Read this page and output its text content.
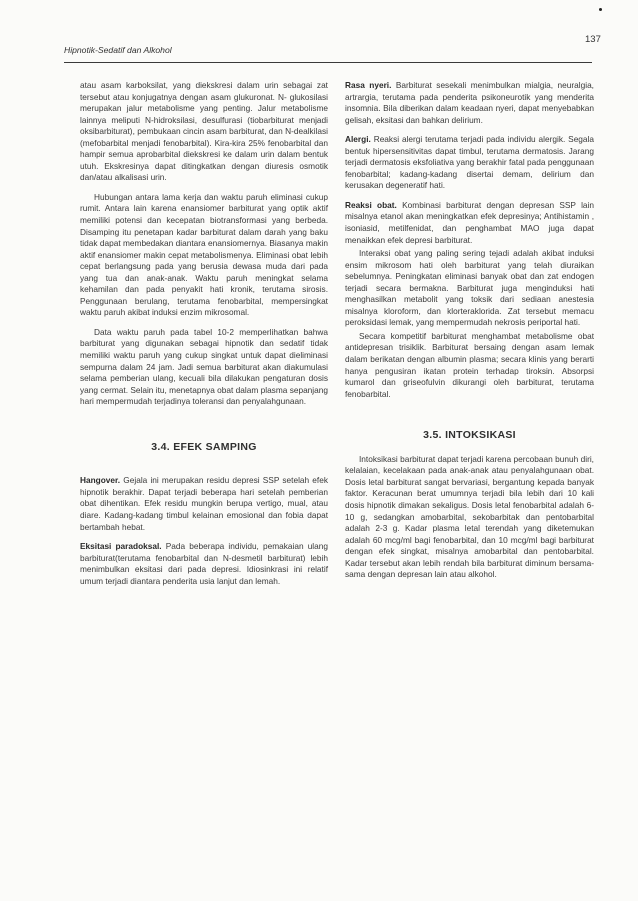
Hipnotik-Sedatif dan Alkohol
137

atau asam karboksilat, yang diekskresi dalam urin sebagai zat tersebut atau konjugatnya dengan asam glukuronat. N- glukosilasi merupakan jalur metabolisme yang penting. Jalur metabolisme lainnya meliputi N-hidroksilasi, desulfurasi (tiobarbiturat menjadi oksibarbiturat), pembukaan cincin asam barbiturat, dan N-dealkilasi (mefobarbital menjadi fenobarbital). Kira-kira 25% fenobarbital dan hampir semua aprobarbital diekskresi ke dalam urin dalam bentuk utuh. Ekskresinya dapat ditingkatkan dengan diuresis osmotik dan/atau alkalisasi urin.

Hubungan antara lama kerja dan waktu paruh eliminasi cukup rumit. Antara lain karena enansiomer barbiturat yang optik aktif memiliki potensi dan kecepatan biotransformasi yang berbeda. Disamping itu penetapan kadar barbiturat dalam darah yang baku tidak dapat membedakan diantara enansiomernya. Biasanya makin aktif enansiomer makin cepat metabolismenya. Eliminasi obat lebih cepat berlangsung pada yang berusia dewasa muda dari pada yang tua dan anak-anak. Waktu paruh meningkat selama kehamilan dan pada penyakit hati kronik, terutama sirosis. Penggunaan berulang, terutama fenobarbital, mempersingkat waktu paruh akibat induksi enzim mikrosomal.

Data waktu paruh pada tabel 10-2 memperlihatkan bahwa barbiturat yang digunakan sebagai hipnotik dan sedatif tidak memiliki waktu paruh yang cukup singkat untuk dapat dieliminasi sempurna dalam 24 jam. Jadi semua barbiturat akan diakumulasi selama pemberian ulang, kecuali bila dilakukan pengaturan dosis yang cermat. Selain itu, menetapnya obat dalam plasma sepanjang hari mempermudah terjadinya toleransi dan penyalahgunaan.

3.4. EFEK SAMPING

Hangover. Gejala ini merupakan residu depresi SSP setelah efek hipnotik berakhir. Dapat terjadi beberapa hari setelah pemberian obat dihentikan. Efek residu mungkin berupa vertigo, mual, atau diare. Kadang-kadang timbul kelainan emosional dan fobia dapat bertambah hebat.

Eksitasi paradoksal. Pada beberapa individu, pemakaian ulang barbiturat(terutama fenobarbital dan N-desmetil barbiturat) lebih menimbulkan eksitasi dari pada depresi. Idiosinkrasi ini relatif umum terjadi diantara penderita usia lanjut dan lemah.

Rasa nyeri. Barbiturat sesekali menimbulkan mialgia, neuralgia, artrargia, terutama pada penderita psikoneurotik yang menderita insomnia. Bila diberikan dalam keadaan nyeri, dapat menyebabkan gelisah, eksitasi dan bahkan delirium.

Alergi. Reaksi alergi terutama terjadi pada individu alergik. Segala bentuk hipersensitivitas dapat timbul, terutama dermatosis. Jarang terjadi dermatosis eksfoliativa yang berakhir fatal pada penggunaan fenobarbital; kadang-kadang disertai demam, delirium dan kerusakan degeneratif hati.

Reaksi obat. Kombinasi barbiturat dengan depresan SSP lain misalnya etanol akan meningkatkan efek depresinya; Antihistamin , isoniasid, metilfenidat, dan penghambat MAO juga dapat menaikkan efek depresi barbiturat.

Interaksi obat yang paling sering tejadi adalah akibat induksi ensim mikrosom hati oleh barbiturat yang telah diuraikan sebelumnya. Peningkatan eliminasi banyak obat dan zat endogen terjadi secara bermakna. Barbiturat juga menginduksi hati menghasilkan metabolit yang toksik dari sediaan anestesia misalnya kloroform, dan klorteraklorida. Zat tersebut memacu peroksidasi lemak, yang mempermudah nekrosis periportal hati.

Secara kompetitif barbiturat menghambat metabolisme obat antidepresan trisiklik. Barbiturat bersaing dengan asam lemak dalam berikatan dengan albumin plasma; secara klinis yang berarti hanya pengusiran ikatan protein terhadap tiroksin. Absorpsi kumarol dan griseofulvin dikurangi oleh barbiturat, terutama fenobarbital.

3.5. INTOKSIKASI

Intoksikasi barbiturat dapat terjadi karena percobaan bunuh diri, kelalaian, kecelakaan pada anak-anak atau penyalahgunaan obat. Dosis letal barbiturat sangat bervariasi, bergantung kepada banyak faktor. Keracunan berat umumnya terjadi bila lebih dari 10 kali dosis hipnotik dimakan sekaligus. Dosis letal fenobarbital adalah 6-10 g, sedangkan amobarbital, sekobarbitak dan pentobarbital adalah 2-3 g. Kadar plasma letal terendah yang diketemukan adalah 60 mcg/ml bagi fenobarbital, dan 10 mcg/ml bagi barbiturat dengan efek singkat, misalnya amobarbital dan pentobarbital. Kadar tersebut akan lebih rendah bila barbiturat diminum bersama-sama dengan depresan lain atau alkohol.
